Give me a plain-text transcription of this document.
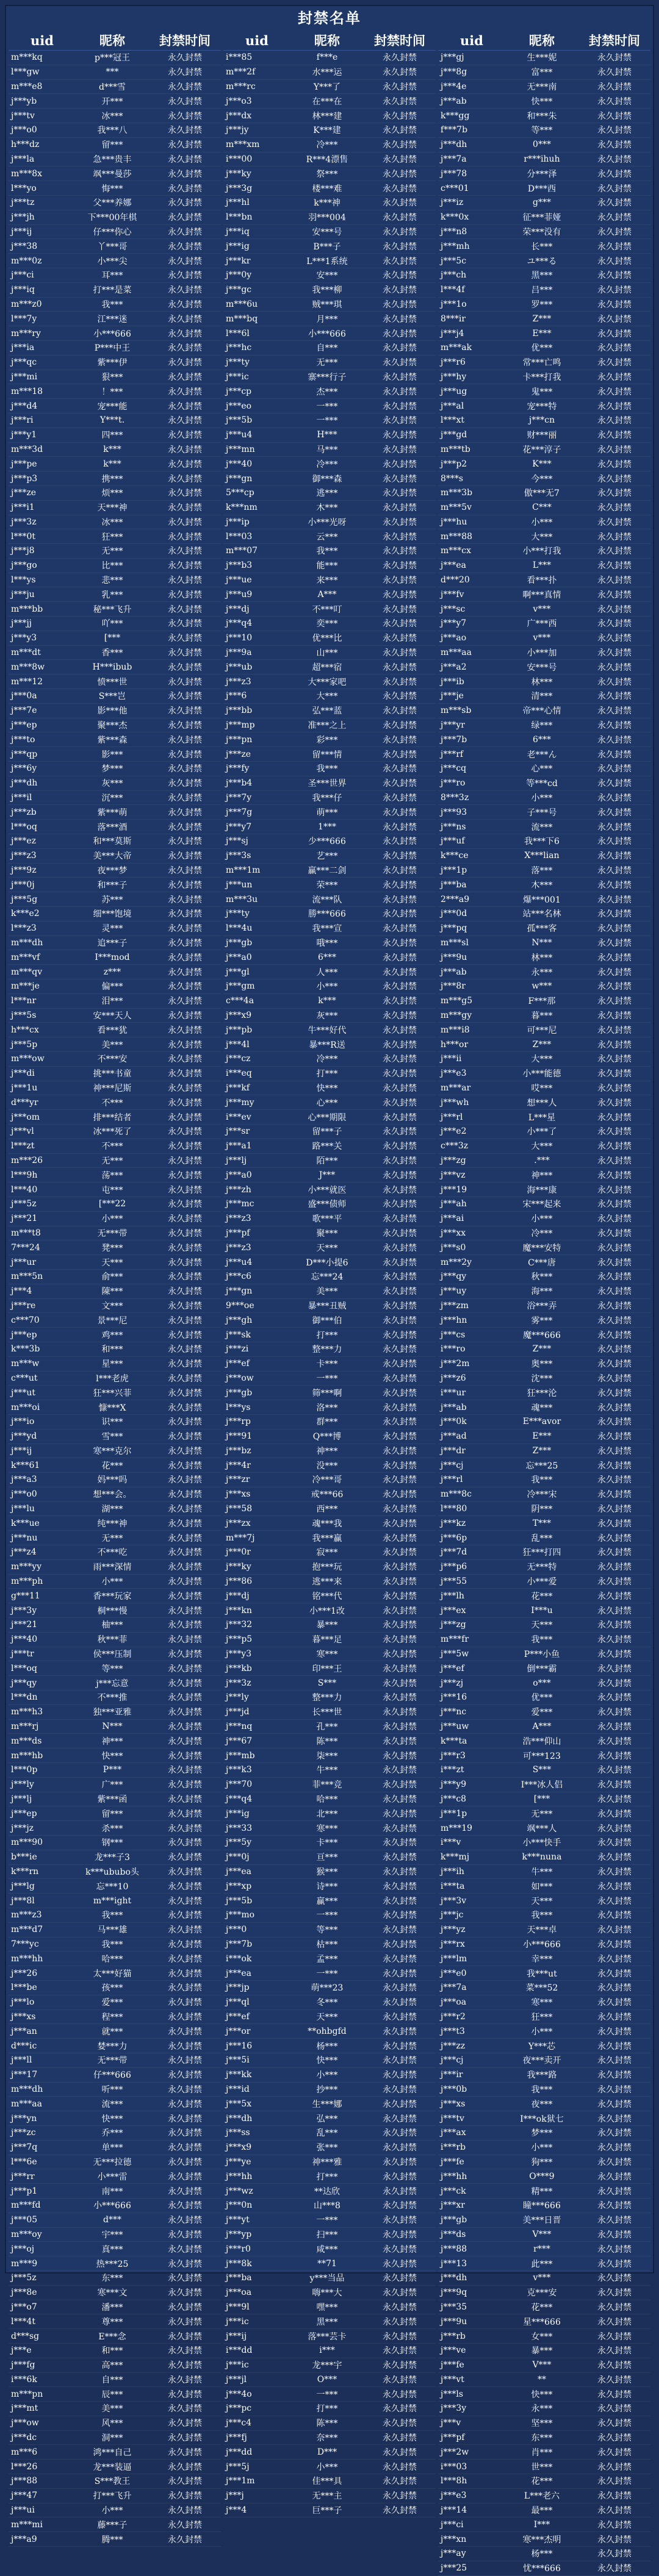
封禁名单
uid	昵称	封禁时间
m***kq	p***冠王	永久封禁
l***gw	***	永久封禁
m***e8	d***雪	永久封禁
j***yb	开***	永久封禁
j***tv	冰***	永久封禁
j***o0	我***八	永久封禁
h***dz	留***	永久封禁
j***la	急***贵丰	永久封禁
m***8x	飒***曼莎	永久封禁
l***yo	悔***	永久封禁
j***tz	父***养娜	永久封禁
j***jh	下***00年棋	永久封禁
j***ij	仔***你心	永久封禁
j***38	丫***哥	永久封禁
m***0z	小***尖	永久封禁
j***ci	耳***	永久封禁
j***iq	打***是菜	永久封禁
m***z0	我***	永久封禁
l***7y	江***迷	永久封禁
m***ry	小***666	永久封禁
j***ia	P***中王	永久封禁
j***qc	紫***伊	永久封禁
j***mi	狠***	永久封禁
m***18	！***	永久封禁
j***d4	宠***能	永久封禁
j***ri	Y***t.	永久封禁
j***y1	四***	永久封禁
m***3d	k***	永久封禁
j***pe	k***	永久封禁
j***p3	携***	永久封禁
j***ze	烦***	永久封禁
j***i1	天***神	永久封禁
j***3z	冰***	永久封禁
l***0t	狂***	永久封禁
j***j8	无***	永久封禁
j***go	比***	永久封禁
l***ys	悲***	永久封禁
j***ju	乳***	永久封禁
m***bb	秘***飞升	永久封禁
j***jj	吖***	永久封禁
j***y3	[***	永久封禁
m***dt	香***	永久封禁
m***8w	H***ibub	永久封禁
m***12	愤***世	永久封禁
j***0a	S***岂	永久封禁
j***7e	影***他	永久封禁
j***ep	聚***杰	永久封禁
j***to	紫***森	永久封禁
j***qp	影***	永久封禁
j***6y	梦***	永久封禁
j***dh	灰***	永久封禁
j***il	沉***	永久封禁
j***zb	紫***萌	永久封禁
l***oq	落***酒	永久封禁
j***ez	和***莫斯	永久封禁
j***z3	美***大帝	永久封禁
j***9z	夜***梦	永久封禁
j***0j	和***子	永久封禁
j***5g	苏***	永久封禁
k***e2	细***饱境	永久封禁
l***z3	灵***	永久封禁
m***dh	追***子	永久封禁
m***vf	I***mod	永久封禁
m***qv	z***	永久封禁
m***je	偏***	永久封禁
l***nr	泪***	永久封禁
j***5s	安***天人	永久封禁
h***cx	看***犹	永久封禁
j***5p	美***	永久封禁
m***ow	不***安	永久封禁
j***di	挑***书童	永久封禁
j***1u	神***尼斯	永久封禁
d***yr	不***	永久封禁
j***om	排***结者	永久封禁
j***vl	冰***死了	永久封禁
l***zt	不***	永久封禁
m***26	无***	永久封禁
l***9h	荡***	永久封禁
l***40	屯***	永久封禁
j***5z	[***22	永久封禁
j***21	小***	永久封禁
m***t8	无***带	永久封禁
7***24	凳***	永久封禁
j***ur	天***	永久封禁
m***5n	俞***	永久封禁
j***4	陳***	永久封禁
j***re	文***	永久封禁
c***70	景***尼	永久封禁
j***ep	鸡***	永久封禁
k***3b	和***	永久封禁
m***w	星***	永久封禁
c***ut	l***老虎	永久封禁
j***ut	狂***兴菲	永久封禁
m***oi	慷***X	永久封禁
j***io	识***	永久封禁
j***yd	雪***	永久封禁
j***ij	寒***克尔	永久封禁
k***61	花***	永久封禁
j***a3	妈***吗	永久封禁
j***o0	想***会。	永久封禁
j***lu	湖***	永久封禁
k***ue	纯***神	永久封禁
j***nu	无***	永久封禁
j***z4	不***吃	永久封禁
m***yy	雨***深情	永久封禁
m***ph	小***	永久封禁
g***11	香***玩家	永久封禁
j***3y	桐***慢	永久封禁
j***21	柚***	永久封禁
j***40	秋***菲	永久封禁
j***tr	侯***压制	永久封禁
l***oq	等***	永久封禁
j***qy	j***忘意	永久封禁
l***dn	不***推	永久封禁
m***h3	独***亚雅	永久封禁
m***rj	N***	永久封禁
m***ds	神***	永久封禁
m***hb	快***	永久封禁
l***0p	P***	永久封禁
j***ly	广***	永久封禁
j***lj	紫***函	永久封禁
j***ep	留***	永久封禁
j***jz	杀***	永久封禁
m***90	钢***	永久封禁
b***ie	龙***子3	永久封禁
k***rn	k***ububo头	永久封禁
j***lg	忘***10	永久封禁
j***8l	m***ight	永久封禁
m***z3	我***	永久封禁
m***d7	马***雄	永久封禁
7***yc	我***	永久封禁
m***hh	哈***	永久封禁
j***26	太***好猫	永久封禁
l***be	孩***	永久封禁
j***lo	爱***	永久封禁
j***xs	程***	永久封禁
j***an	就***	永久封禁
d***ic	婪***力	永久封禁
j***ll	无***带	永久封禁
j***17	仔***666	永久封禁
m***dh	听***	永久封禁
m***aa	流***	永久封禁
j***yn	快***	永久封禁
j***zc	乔***	永久封禁
j***7q	单***	永久封禁
l***6e	无***拉德	永久封禁
j***rr	小***雷	永久封禁
j***p1	南***	永久封禁
m***fd	小***666	永久封禁
j***05	d***	永久封禁
m***oy	宇***	永久封禁
j***oj	真***	永久封禁
m***9	热***25	永久封禁
j***5z	东***	永久封禁
j***8e	寒***文	永久封禁
j***o7	潘***	永久封禁
l***4t	尊***	永久封禁
d***sg	E***念	永久封禁
j***e	和***	永久封禁
j***fg	高***	永久封禁
i***6k	自***	永久封禁
m***pn	辰***	永久封禁
j***mt	美***	永久封禁
j***ow	风***	永久封禁
j***dc	洞***	永久封禁
m***6	鸿***自己	永久封禁
l***26	龙***装逼	永久封禁
j***88	S***教王	永久封禁
j***47	打***飞升	永久封禁
j***ui	小***	永久封禁
m***mi	藤***子	永久封禁
j***a9	腾***	永久封禁
uid	昵称	封禁时间
i***85	f***e	永久封禁
m***2f	水***运	永久封禁
m***rc	Y***了	永久封禁
j***o3	在***在	永久封禁
j***dx	林***建	永久封禁
j***jy	K***建	永久封禁
m***xm	冷***	永久封禁
i***00	R***4漂售	永久封禁
j***ky	祭***	永久封禁
j***3g	楼***难	永久封禁
j***hl	k***神	永久封禁
l***bn	羽***004	永久封禁
j***iq	安***号	永久封禁
j***ig	B***子	永久封禁
j***kr	L***1系统	永久封禁
j***0y	安***	永久封禁
j***gc	我***柳	永久封禁
m***6u	贼***琪	永久封禁
m***bq	月***	永久封禁
l***6l	小***666	永久封禁
j***hc	自***	永久封禁
j***ty	无***	永久封禁
j***ic	寨***行子	永久封禁
j***cp	杰***	永久封禁
j***eo	一***	永久封禁
j***5b	一***	永久封禁
j***u4	H***	永久封禁
j***mn	马***	永久封禁
j***40	冷***	永久封禁
j***gn	御***森	永久封禁
5***cp	逃***	永久封禁
k***nm	木***	永久封禁
j***ip	小***光呀	永久封禁
l***03	云***	永久封禁
m***07	我***	永久封禁
j***b3	能***	永久封禁
j***ue	来***	永久封禁
j***u9	A***	永久封禁
j***dj	不***叮	永久封禁
j***q4	奕***	永久封禁
j***10	优***比	永久封禁
j***9a	山***	永久封禁
j***ub	超***宿	永久封禁
j***z3	大***家吧	永久封禁
j***6	大***	永久封禁
j***bb	弘***蓝	永久封禁
j***mp	准***之上	永久封禁
j***pn	彩***	永久封禁
j***ze	留***情	永久封禁
j***fy	我***	永久封禁
j***b4	圣***世界	永久封禁
j***7y	我***仔	永久封禁
j***7g	萌***	永久封禁
j***y7	1***	永久封禁
j***sj	少***666	永久封禁
j***3s	艺***	永久封禁
m***1m	赢***二剑	永久封禁
j***un	荣***	永久封禁
m***3u	流***队	永久封禁
j***ty	勝***666	永久封禁
l***4u	我***宣	永久封禁
j***gb	哦***	永久封禁
j***a0	6***	永久封禁
j***gl	人***	永久封禁
j***gm	小***	永久封禁
c***4a	k***	永久封禁
j***x9	灰***	永久封禁
j***pb	牛***好代	永久封禁
j***4l	暴***R送	永久封禁
j***cz	冷***	永久封禁
i***eq	打***	永久封禁
j***kf	快***	永久封禁
j***my	心***	永久封禁
i***ev	心***期限	永久封禁
j***sr	留***子	永久封禁
j***a1	路***关	永久封禁
j***lj	陌***	永久封禁
j***a0	J***	永久封禁
j***zh	小***就医	永久封禁
j***mc	盛***债师	永久封禁
j***z3	歌***平	永久封禁
j***pf	聚***	永久封禁
j***z3	天***	永久封禁
j***u4	D***小提6	永久封禁
j***c6	忘***24	永久封禁
j***gn	美***	永久封禁
9***oe	暴***丑贼	永久封禁
j***gh	御***伯	永久封禁
j***sk	打***	永久封禁
j***zi	整***力	永久封禁
j***ef	卡***	永久封禁
j***ow	一***	永久封禁
j***gb	筛***啊	永久封禁
l***ys	洛***	永久封禁
j***rp	群***	永久封禁
j***91	Q***博	永久封禁
j***bz	神***	永久封禁
j***4r	没***	永久封禁
j***zr	冷***哥	永久封禁
j***xs	戒***66	永久封禁
j***58	西***	永久封禁
j***zx	魂***我	永久封禁
m***7j	我***赢	永久封禁
j***0r	寂***	永久封禁
j***ky	抱***玩	永久封禁
j***86	逃***来	永久封禁
j***dj	铭***代	永久封禁
j***kn	小***1改	永久封禁
j***32	暴***	永久封禁
j***p5	暮***足	永久封禁
j***y3	寒***	永久封禁
j***kb	印***王	永久封禁
j***3z	S***	永久封禁
j***ly	整***力	永久封禁
j***jd	长***世	永久封禁
j***nq	孔***	永久封禁
j***67	陈***	永久封禁
j***mb	柒***	永久封禁
j***k3	牛***	永久封禁
j***70	菲***竞	永久封禁
j***q4	哈***	永久封禁
j***ig	北***	永久封禁
j***33	寒***	永久封禁
j***5y	卡***	永久封禁
j***0j	亘***	永久封禁
j***ea	猴***	永久封禁
j***xp	诗***	永久封禁
j***5b	赢***	永久封禁
j***mo	一***	永久封禁
j***0	等***	永久封禁
j***7b	枯***	永久封禁
i***ok	孟***	永久封禁
j***ea	一***	永久封禁
j***jp	萌***23	永久封禁
j***ql	冬***	永久封禁
j***ef	天***	永久封禁
j***or	**ohbgfd	永久封禁
j***16	杨***	永久封禁
j***5i	快***	永久封禁
j***kk	小***	永久封禁
j***id	抄***	永久封禁
j***5x	生***娜	永久封禁
j***dh	弘***	永久封禁
j***ss	乱***	永久封禁
j***x9	张***	永久封禁
j***ye	神***雅	永久封禁
j***hh	打***	永久封禁
j***wz	**达欣	永久封禁
j***0n	山***8	永久封禁
j***yt	一***	永久封禁
j***yp	扫***	永久封禁
j***r0	咸***	永久封禁
j***8k	**71	永久封禁
j***ba	y***当品	永久封禁
j***oa	嗨***大	永久封禁
j***9l	嘿***	永久封禁
j***ic	黑***	永久封禁
j***ij	落***芸卡	永久封禁
i***dd	i***	永久封禁
j***ic	龙***宇	永久封禁
j***jl	O***	永久封禁
j***4o	一***	永久封禁
j***pc	打***	永久封禁
j***c4	陈***	永久封禁
j***fj	奈***	永久封禁
j***dd	D***	永久封禁
j***5j	小***	永久封禁
j***1m	佳***具	永久封禁
j***j	无***主	永久封禁
j***4	巨***子	永久封禁
uid	昵称	封禁时间
j***gj	生***妮	永久封禁
j***8g	富***	永久封禁
j***4e	无***南	永久封禁
j***ab	快***	永久封禁
k***gg	和***朱	永久封禁
f***7b	等***	永久封禁
j***dh	0***	永久封禁
j***7a	r***ihuh	永久封禁
j***78	分***泽	永久封禁
c***01	D***西	永久封禁
j***iz	g***	永久封禁
k***0x	征***菲娅	永久封禁
j***n8	荣***没有	永久封禁
j***mh	长***	永久封禁
j***5c	ユ***る	永久封禁
j***ch	黑***	永久封禁
l***4f	吕***	永久封禁
j***1o	罗***	永久封禁
8***ir	Z***	永久封禁
j***j4	E***	永久封禁
m***ak	优***	永久封禁
j***r6	常***亡鸣	永久封禁
j***hy	卡***打我	永久封禁
j***ug	鬼***	永久封禁
j***al	宠***特	永久封禁
l***xt	j***cn	永久封禁
j***gd	财***丽	永久封禁
m***tb	花***淳子	永久封禁
j***p2	K***	永久封禁
8***s	今***	永久封禁
m***3b	傲***无7	永久封禁
m***5v	C***	永久封禁
j***hu	小***	永久封禁
m***88	大***	永久封禁
m***cx	小***打我	永久封禁
j***ea	L***	永久封禁
d***20	看***扑	永久封禁
j***fv	啊***真情	永久封禁
j***sc	v***	永久封禁
j***y7	广***西	永久封禁
j***ao	v***	永久封禁
m***aa	小***加	永久封禁
j***a2	安***号	永久封禁
j***ib	林***	永久封禁
j***je	清***	永久封禁
m***sb	帝***心情	永久封禁
j***yr	绿***	永久封禁
j***7b	6***	永久封禁
j***rf	老***ん	永久封禁
j***cq	心***	永久封禁
j***ro	等***cd	永久封禁
8***3z	小***	永久封禁
j***93	子***号	永久封禁
j***ns	流***	永久封禁
j***uf	我***下6	永久封禁
k***ce	X***lian	永久封禁
j***1p	落***	永久封禁
j***ba	木***	永久封禁
2***a9	爆***001	永久封禁
j***0d	站***名林	永久封禁
j***pq	孤***客	永久封禁
m***sl	N***	永久封禁
j***9u	林***	永久封禁
j***ab	永***	永久封禁
j***8r	w***	永久封禁
m***g5	F***那	永久封禁
m***gy	暮***	永久封禁
m***i8	可***尼	永久封禁
h***or	Z***	永久封禁
j***ii	大***	永久封禁
j***e3	小***能德	永久封禁
m***ar	哎***	永久封禁
j***wh	想***人	永久封禁
j***rl	L***星	永久封禁
j***e2	小***了	永久封禁
c***3z	大***	永久封禁
j***zg	.***	永久封禁
j***vz	神***	永久封禁
j***19	海***康	永久封禁
j***ah	宋***起来	永久封禁
j***ai	小***	永久封禁
j***xx	冷***	永久封禁
j***s0	魔***安特	永久封禁
m***2y	C***唐	永久封禁
j***qy	秋***	永久封禁
j***uy	海***	永久封禁
j***zm	浴***弄	永久封禁
j***hn	雾***	永久封禁
j***cs	魔***666	永久封禁
i***ro	Z***	永久封禁
j***2m	奥***	永久封禁
j***z6	沈***	永久封禁
i***ur	狂***沦	永久封禁
j***ab	魂***	永久封禁
j***0k	E***avor	永久封禁
j***ad	E***	永久封禁
j***dr	Z***	永久封禁
j***cj	忘***25	永久封禁
j***rl	我***	永久封禁
m***8c	冷***宋	永久封禁
l***80	阴***	永久封禁
j***kz	T***	永久封禁
j***6p	乱***	永久封禁
j***7d	狂***打四	永久封禁
j***p6	无***特	永久封禁
j***55	小***爱	永久封禁
j***lh	花***	永久封禁
j***ex	I***u	永久封禁
j***zg	天***	永久封禁
m***fr	我***	永久封禁
j***5w	P***小鱼	永久封禁
j***ef	倒***霸	永久封禁
j***zj	o***	永久封禁
j***16	优***	永久封禁
j***nc	爱***	永久封禁
j***uw	A***	永久封禁
k***ta	浩***仰山	永久封禁
j***r3	可***123	永久封禁
i***zt	S***	永久封禁
j***y9	I***冰人侣	永久封禁
j***c8	[***	永久封禁
j***1p	无***	永久封禁
m***19	飒***人	永久封禁
i***v	小***快手	永久封禁
k***mj	k***nuna	永久封禁
j***ih	牛***	永久封禁
i***ta	如***	永久封禁
j***3v	天***	永久封禁
j***jc	我***	永久封禁
j***yz	天***卓	永久封禁
j***rx	小***666	永久封禁
j***lm	幸***	永久封禁
j***e0	我***ut	永久封禁
j***7a	菜***52	永久封禁
j***oa	寒***	永久封禁
j***r2	狂***	永久封禁
j***t3	小***	永久封禁
j***zz	Y***芯	永久封禁
j***cj	夜***卖开	永久封禁
j***ir	我***路	永久封禁
j***0b	我***	永久封禁
j***xs	夜***	永久封禁
j***tv	I***ok狱七	永久封禁
j***ax	梦***	永久封禁
i***rb	小***	永久封禁
j***fe	狗***	永久封禁
j***hh	O***9	永久封禁
j***ck	精***	永久封禁
j***xr	瞳***666	永久封禁
j***gb	美***日晋	永久封禁
j***ds	V***	永久封禁
j***88	r***	永久封禁
j***13	此***	永久封禁
j***dh	v***	永久封禁
j***9q	克***安	永久封禁
j***35	花***	永久封禁
j***9u	星***666	永久封禁
j***rb	女***	永久封禁
j***ve	暴***	永久封禁
j***fe	V***	永久封禁
j***vt	**	永久封禁
j***ls	快***	永久封禁
j***3y	永***	永久封禁
j***v	坚***	永久封禁
j***pf	东***	永久封禁
j***2w	肖***	永久封禁
i***03	世***	永久封禁
l***8h	花***	永久封禁
j***e3	L***老六	永久封禁
j***14	最***	永久封禁
j***ci	I***	永久封禁
j***xn	寒***杰明	永久封禁
j***ay	杨***	永久封禁
j***25	忧***666	永久封禁
